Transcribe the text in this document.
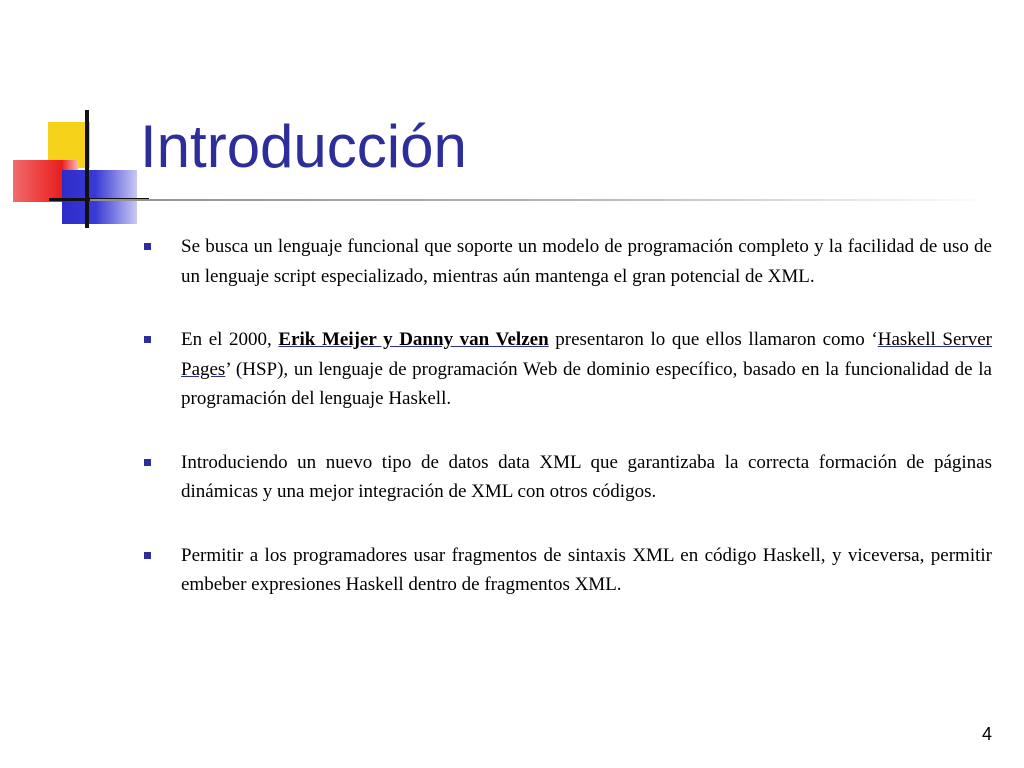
Introducción
Se busca un lenguaje funcional que soporte un modelo de programación completo y la facilidad de uso de un lenguaje script especializado, mientras aún mantenga el gran potencial de XML.
En el 2000, Erik Meijer y Danny van Velzen presentaron lo que ellos llamaron como ‘Haskell Server Pages’ (HSP), un lenguaje de programación Web de dominio específico, basado en la funcionalidad de la programación del lenguaje Haskell.
Introduciendo un nuevo tipo de datos data XML que garantizaba la correcta formación de páginas dinámicas y una mejor integración de XML con otros códigos.
Permitir a los programadores usar fragmentos de sintaxis XML en código Haskell, y viceversa, permitir embeber expresiones Haskell dentro de fragmentos XML.
4
